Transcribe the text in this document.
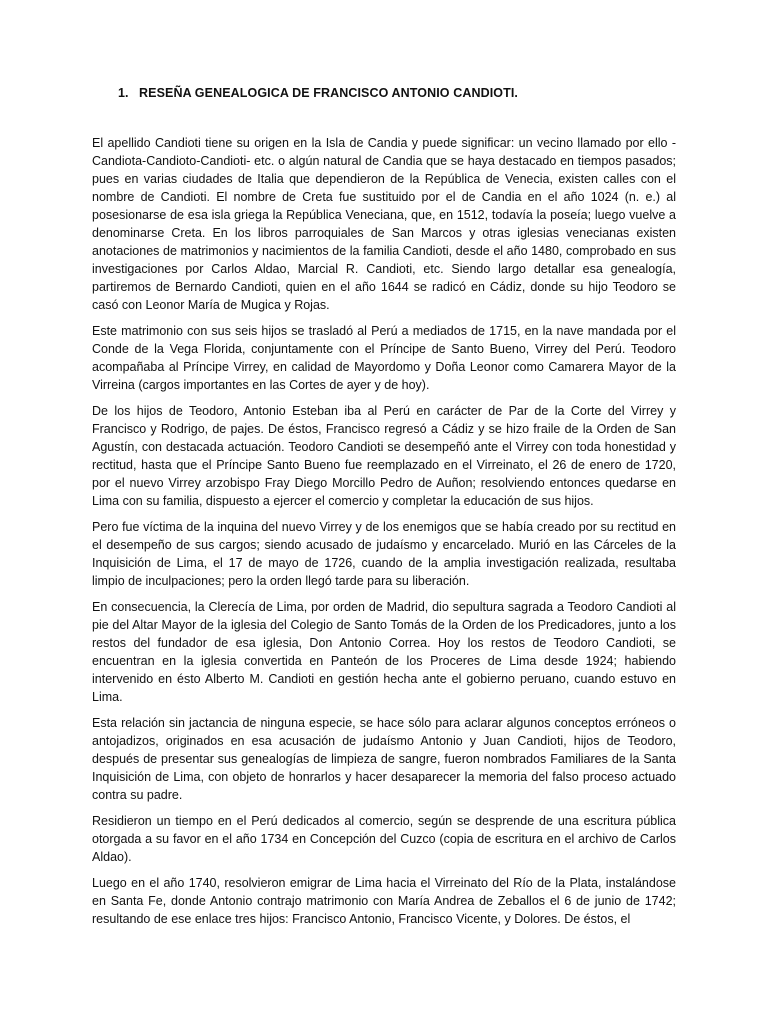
1. RESEÑA GENEALOGICA DE FRANCISCO ANTONIO CANDIOTI.

El apellido Candioti tiene su origen en la Isla de Candia y puede significar: un vecino llamado por ello - Candiota-Candioto-Candioti- etc. o algún natural de Candia que se haya destacado en tiempos pasados; pues en varias ciudades de Italia que dependieron de la República de Venecia, existen calles con el nombre de Candioti. El nombre de Creta fue sustituido por el de Candia en el año 1024 (n. e.) al posesionarse de esa isla griega la República Veneciana, que, en 1512, todavía la poseía; luego vuelve a denominarse Creta. En los libros parroquiales de San Marcos y otras iglesias venecianas existen anotaciones de matrimonios y nacimientos de la familia Candioti, desde el año 1480, comprobado en sus investigaciones por Carlos Aldao, Marcial R. Candioti, etc. Siendo largo detallar esa genealogía, partiremos de Bernardo Candioti, quien en el año 1644 se radicó en Cádiz, donde su hijo Teodoro se casó con Leonor María de Mugica y Rojas.

Este matrimonio con sus seis hijos se trasladó al Perú a mediados de 1715, en la nave mandada por el Conde de la Vega Florida, conjuntamente con el Príncipe de Santo Bueno, Virrey del Perú. Teodoro acompañaba al Príncipe Virrey, en calidad de Mayordomo y Doña Leonor como Camarera Mayor de la Virreina (cargos importantes en las Cortes de ayer y de hoy).

De los hijos de Teodoro, Antonio Esteban iba al Perú en carácter de Par de la Corte del Virrey y Francisco y Rodrigo, de pajes. De éstos, Francisco regresó a Cádiz y se hizo fraile de la Orden de San Agustín, con destacada actuación. Teodoro Candioti se desempeñó ante el Virrey con toda honestidad y rectitud, hasta que el Príncipe Santo Bueno fue reemplazado en el Virreinato, el 26 de enero de 1720, por el nuevo Virrey arzobispo Fray Diego Morcillo Pedro de Auñon; resolviendo entonces quedarse en Lima con su familia, dispuesto a ejercer el comercio y completar la educación de sus hijos.

Pero fue víctima de la inquina del nuevo Virrey y de los enemigos que se había creado por su rectitud en el desempeño de sus cargos; siendo acusado de judaísmo y encarcelado. Murió en las Cárceles de la Inquisición de Lima, el 17 de mayo de 1726, cuando de la amplia investigación realizada, resultaba limpio de inculpaciones; pero la orden llegó tarde para su liberación.

En consecuencia, la Clerecía de Lima, por orden de Madrid, dio sepultura sagrada a Teodoro Candioti al pie del Altar Mayor de la iglesia del Colegio de Santo Tomás de la Orden de los Predicadores, junto a los restos del fundador de esa iglesia, Don Antonio Correa. Hoy los restos de Teodoro Candioti, se encuentran en la iglesia convertida en Panteón de los Proceres de Lima desde 1924; habiendo intervenido en ésto Alberto M. Candioti en gestión hecha ante el gobierno peruano, cuando estuvo en Lima.

Esta relación sin jactancia de ninguna especie, se hace sólo para aclarar algunos conceptos erróneos o antojadizos, originados en esa acusación de judaísmo Antonio y Juan Candioti, hijos de Teodoro, después de presentar sus genealogías de limpieza de sangre, fueron nombrados Familiares de la Santa Inquisición de Lima, con objeto de honrarlos y hacer desaparecer la memoria del falso proceso actuado contra su padre.

Residieron un tiempo en el Perú dedicados al comercio, según se desprende de una escritura pública otorgada a su favor en el año 1734 en Concepción del Cuzco (copia de escritura en el archivo de Carlos Aldao).

Luego en el año 1740, resolvieron emigrar de Lima hacia el Virreinato del Río de la Plata, instalándose en Santa Fe, donde Antonio contrajo matrimonio con María Andrea de Zeballos el 6 de junio de 1742; resultando de ese enlace tres hijos: Francisco Antonio, Francisco Vicente, y Dolores. De éstos, el
